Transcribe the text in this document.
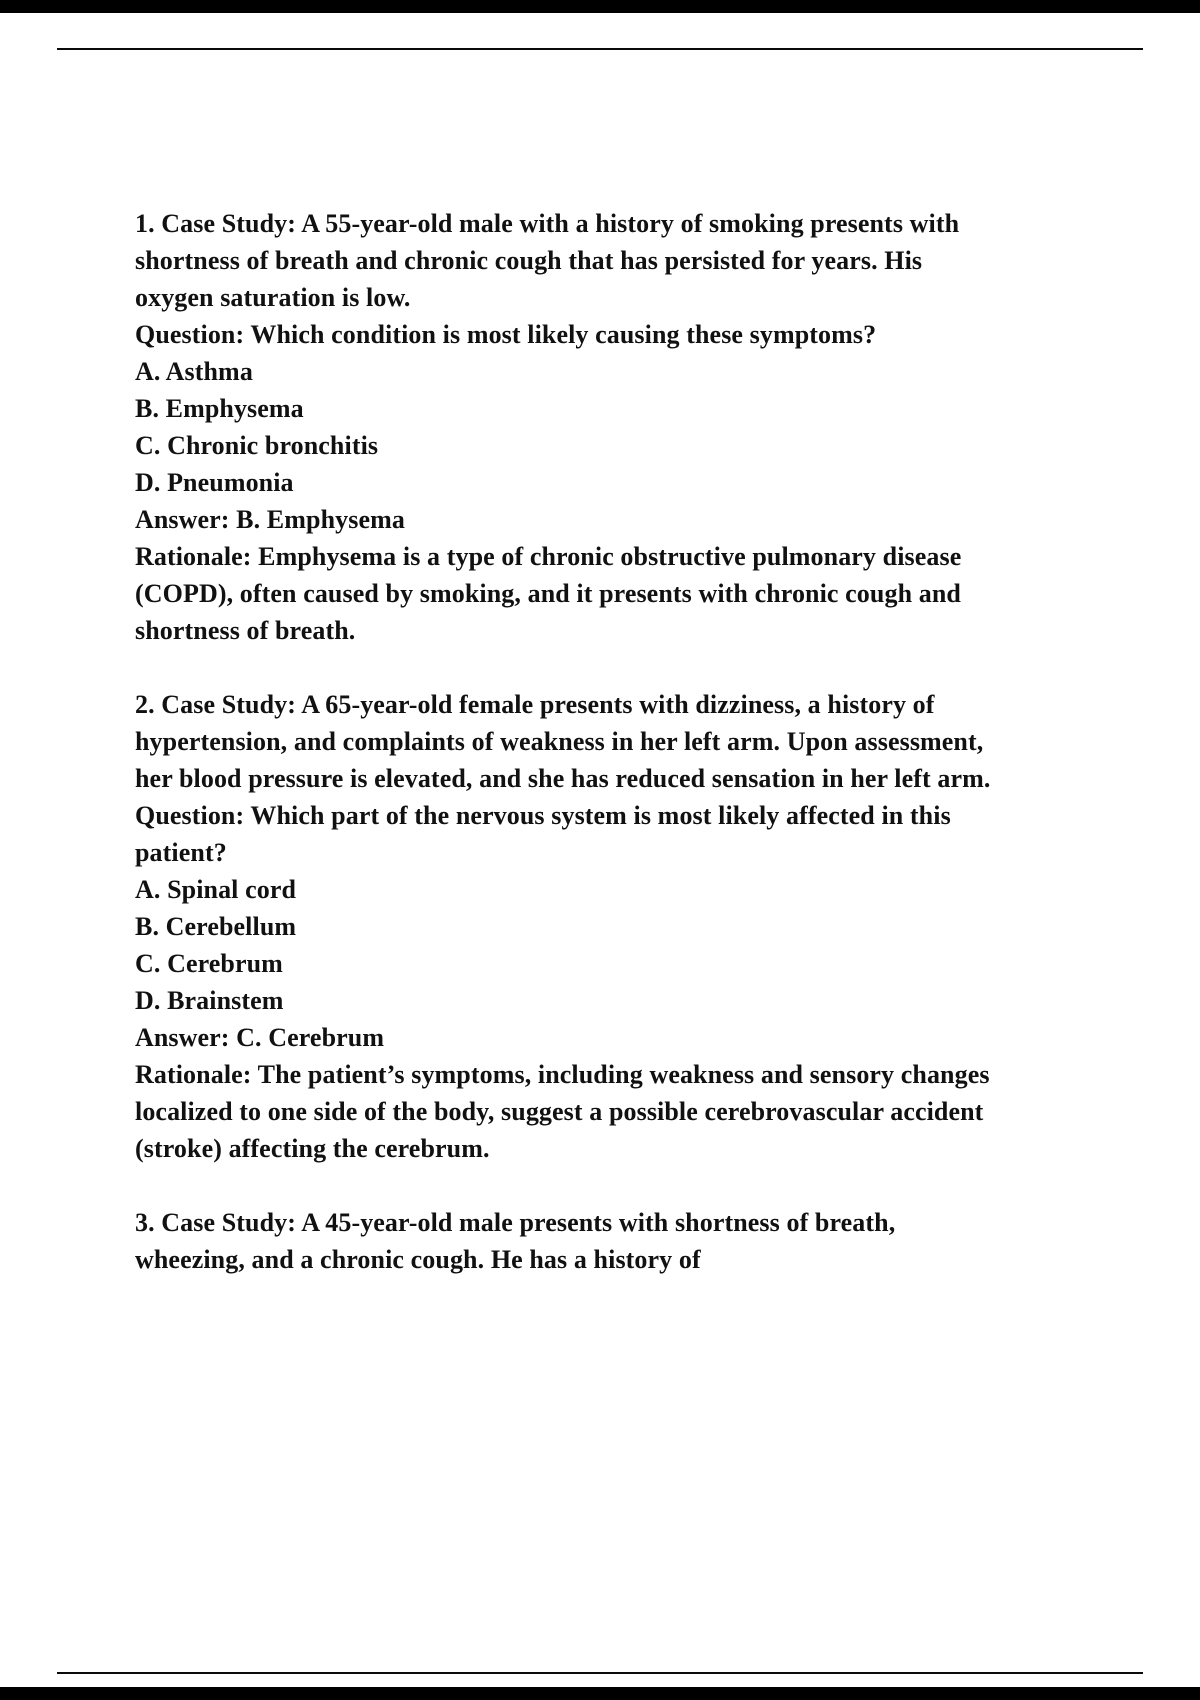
1. Case Study: A 55-year-old male with a history of smoking presents with shortness of breath and chronic cough that has persisted for years. His oxygen saturation is low.
Question: Which condition is most likely causing these symptoms?
A. Asthma
B. Emphysema
C. Chronic bronchitis
D. Pneumonia
Answer: B. Emphysema
Rationale: Emphysema is a type of chronic obstructive pulmonary disease (COPD), often caused by smoking, and it presents with chronic cough and shortness of breath.
2. Case Study: A 65-year-old female presents with dizziness, a history of hypertension, and complaints of weakness in her left arm. Upon assessment, her blood pressure is elevated, and she has reduced sensation in her left arm.
Question: Which part of the nervous system is most likely affected in this patient?
A. Spinal cord
B. Cerebellum
C. Cerebrum
D. Brainstem
Answer: C. Cerebrum
Rationale: The patient’s symptoms, including weakness and sensory changes localized to one side of the body, suggest a possible cerebrovascular accident (stroke) affecting the cerebrum.
3. Case Study: A 45-year-old male presents with shortness of breath, wheezing, and a chronic cough. He has a history of
